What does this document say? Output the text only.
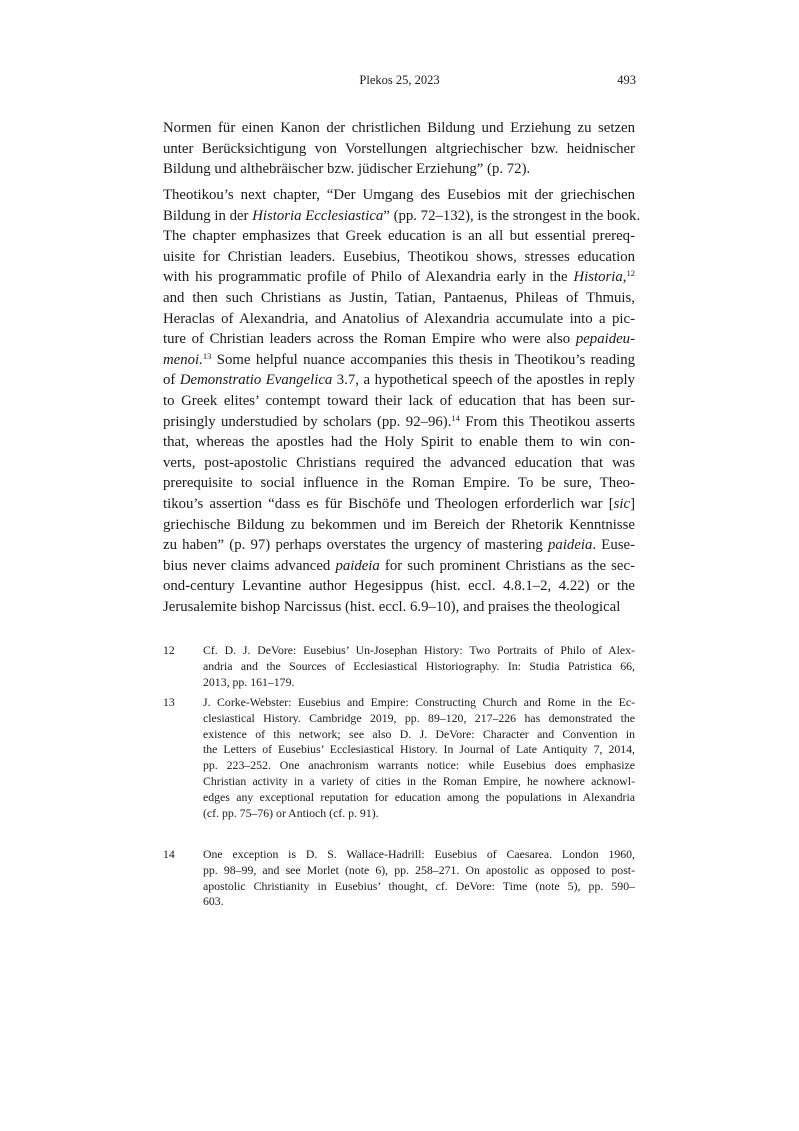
Plekos 25, 2023	493
Normen für einen Kanon der christlichen Bildung und Erziehung zu setzen
unter Berücksichtigung von Vorstellungen altgriechischer bzw. heidnischer
Bildung und althebräischer bzw. jüdischer Erziehung” (p. 72).
Theotikou’s next chapter, “Der Umgang des Eusebios mit der griechischen
Bildung in der Historia Ecclesiastica” (pp. 72–132), is the strongest in the book.
The chapter emphasizes that Greek education is an all but essential prereq-
uisite for Christian leaders. Eusebius, Theotikou shows, stresses education
with his programmatic profile of Philo of Alexandria early in the Historia,$^{12}$
and then such Christians as Justin, Tatian, Pantaenus, Phileas of Thmuis,
Heraclas of Alexandria, and Anatolius of Alexandria accumulate into a pic-
ture of Christian leaders across the Roman Empire who were also pepaideu-
menoi.$^{13}$ Some helpful nuance accompanies this thesis in Theotikou’s reading
of Demonstratio Evangelica 3.7, a hypothetical speech of the apostles in reply
to Greek elites’ contempt toward their lack of education that has been sur-
prisingly understudied by scholars (pp. 92–96).$^{14}$ From this Theotikou asserts
that, whereas the apostles had the Holy Spirit to enable them to win con-
verts, post-apostolic Christians required the advanced education that was
prerequisite to social influence in the Roman Empire. To be sure, Theo-
tikou’s assertion “dass es für Bischöfe und Theologen erforderlich war [sic]
griechische Bildung zu bekommen und im Bereich der Rhetorik Kenntnisse
zu haben” (p. 97) perhaps overstates the urgency of mastering paideia. Euse-
bius never claims advanced paideia for such prominent Christians as the sec-
ond-century Levantine author Hegesippus (hist. eccl. 4.8.1–2, 4.22) or the
Jerusalemite bishop Narcissus (hist. eccl. 6.9–10), and praises the theological
12 Cf. D. J. DeVore: Eusebius’ Un-Josephan History: Two Portraits of Philo of Alex-
andria and the Sources of Ecclesiastical Historiography. In: Studia Patristica 66,
2013, pp. 161–179.
13 J. Corke-Webster: Eusebius and Empire: Constructing Church and Rome in the Ec-
clesiastical History. Cambridge 2019, pp. 89–120, 217–226 has demonstrated the
existence of this network; see also D. J. DeVore: Character and Convention in
the Letters of Eusebius’ Ecclesiastical History. In Journal of Late Antiquity 7, 2014,
pp. 223–252. One anachronism warrants notice: while Eusebius does emphasize
Christian activity in a variety of cities in the Roman Empire, he nowhere acknowl-
edges any exceptional reputation for education among the populations in Alexandria
(cf. pp. 75–76) or Antioch (cf. p. 91).
14 One exception is D. S. Wallace-Hadrill: Eusebius of Caesarea. London 1960,
pp. 98–99, and see Morlet (note 6), pp. 258–271. On apostolic as opposed to post-
apostolic Christianity in Eusebius’ thought, cf. DeVore: Time (note 5), pp. 590–
603.
